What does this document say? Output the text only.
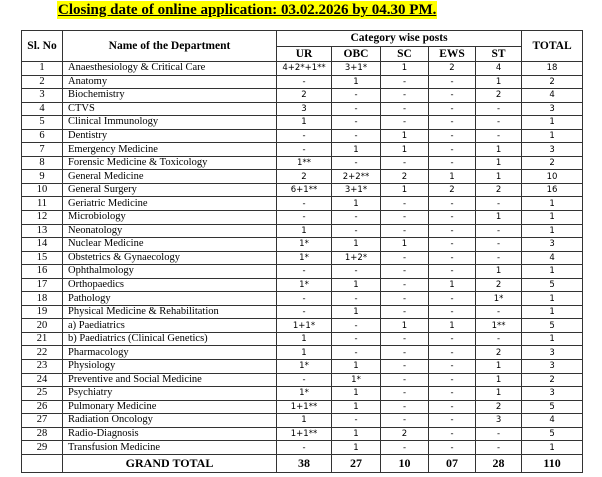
Closing date of online application: 03.02.2026 by 04.30 PM.
Sl. No	Name of the Department	Category wise posts					TOTAL
		UR	OBC	SC	EWS	ST	
1	Anaesthesiology & Critical Care	4+2*+1**	3+1*	1	2	4	18
2	Anatomy	-	1	-	-	1	2
3	Biochemistry	2	-	-	-	2	4
4	CTVS	3	-	-	-	-	3
5	Clinical Immunology	1	-	-	-	-	1
6	Dentistry	-	-	1	-	-	1
7	Emergency Medicine	-	1	1	-	1	3
8	Forensic Medicine & Toxicology	1**	-	-	-	1	2
9	General Medicine	2	2+2**	2	1	1	10
10	General Surgery	6+1**	3+1*	1	2	2	16
11	Geriatric Medicine	-	1	-	-	-	1
12	Microbiology	-	-	-	-	1	1
13	Neonatology	1	-	-	-	-	1
14	Nuclear Medicine	1*	1	1	-	-	3
15	Obstetrics & Gynaecology	1*	1+2*	-	-	-	4
16	Ophthalmology	-	-	-	-	1	1
17	Orthopaedics	1*	1	-	1	2	5
18	Pathology	-	-	-	-	1*	1
19	Physical Medicine & Rehabilitation	-	1	-	-	-	1
20	a) Paediatrics	1+1*	-	1	1	1**	5
21	b) Paediatrics (Clinical Genetics)	1	-	-	-	-	1
22	Pharmacology	1	-	-	-	2	3
23	Physiology	1*	1	-	-	1	3
24	Preventive and Social Medicine	-	1*	-	-	1	2
25	Psychiatry	1*	1	-	-	1	3
26	Pulmonary Medicine	1+1**	1	-	-	2	5
27	Radiation Oncology	1	-	-	-	3	4
28	Radio-Diagnosis	1+1**	1	2	-	-	5
29	Transfusion Medicine	-	1	-	-	-	1
	GRAND TOTAL	38	27	10	07	28	110
